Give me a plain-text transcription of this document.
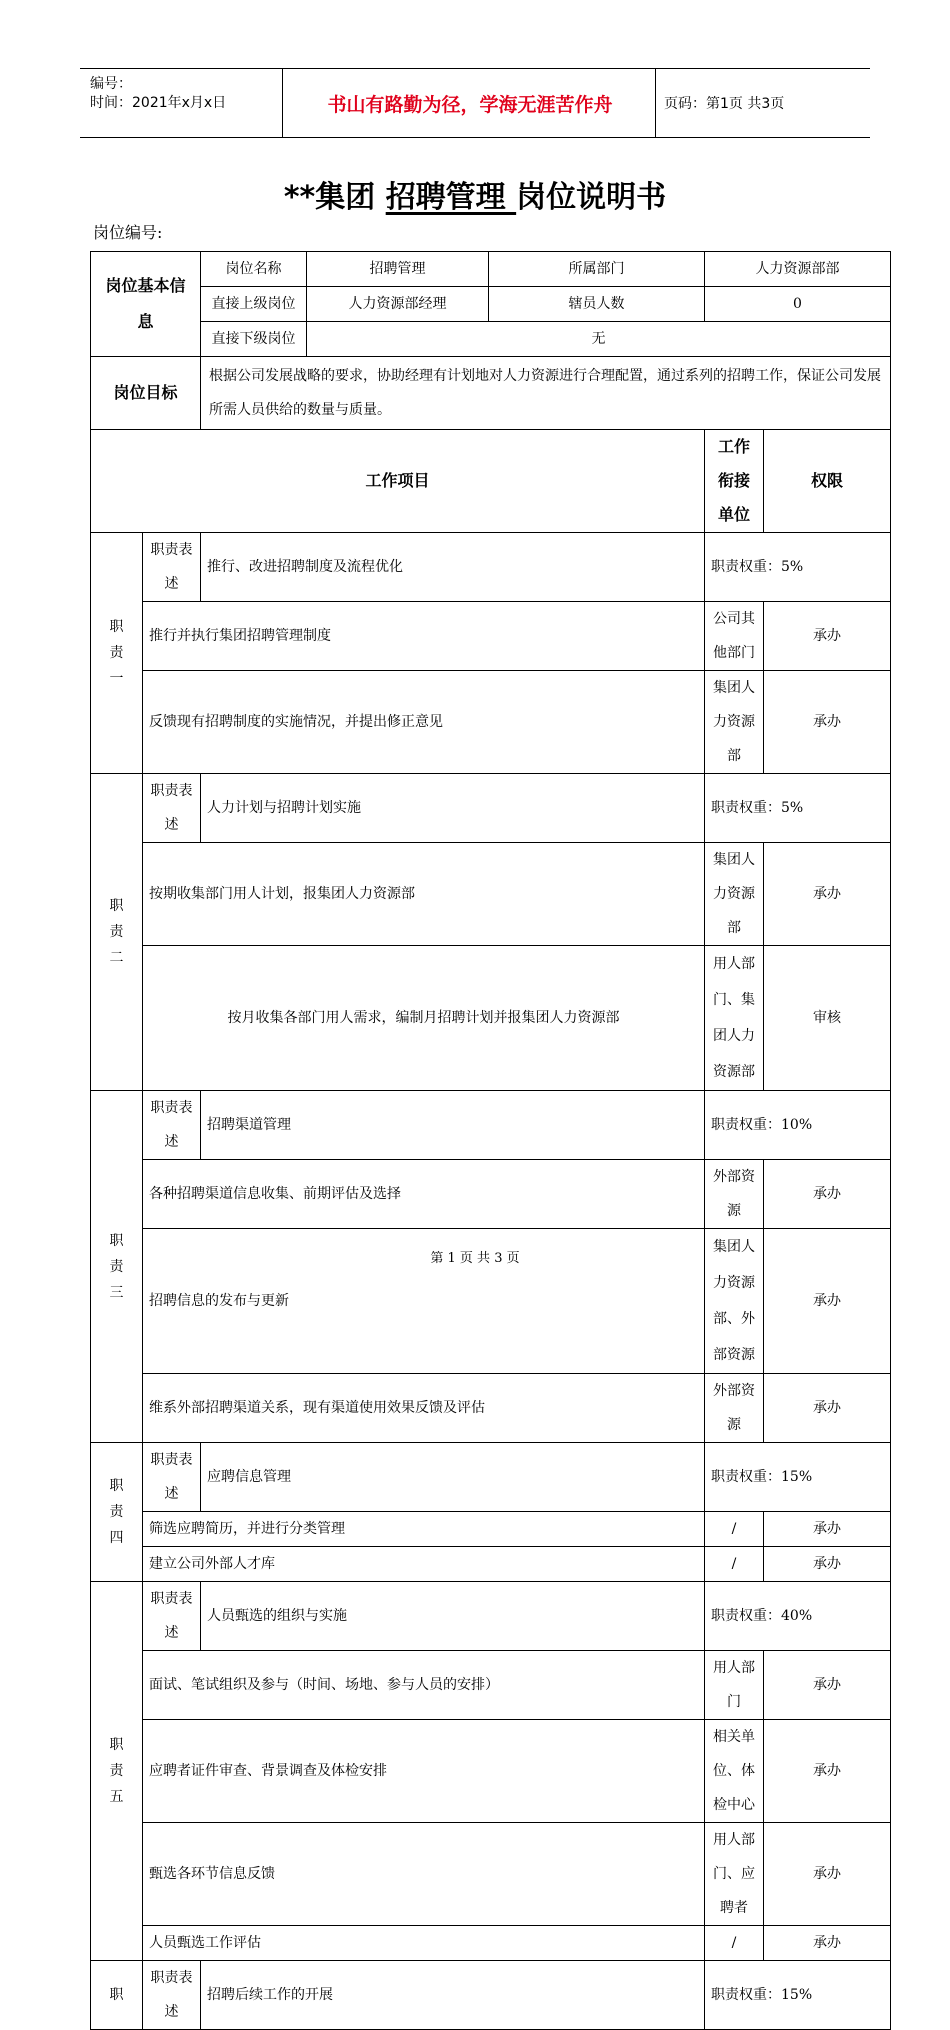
编号：
时间：2021年x月x日	书山有路勤为径，学海无涯苦作舟	页码：第1页 共3页
**集团 招聘管理 岗位说明书
岗位编号:
岗位基本信息		岗位名称	招聘管理	所属部门	人力资源部部	
		直接上级岗位	人力资源部经理	辖员人数	0	
		直接下级岗位	无			
岗位目标		根据公司发展战略的要求，协助经理有计划地对人力资源进行合理配置，通过系列的招聘工作，保证公司发展所需人员供给的数量与质量。				
工作项目					工作衔接单位	权限
职责一	职责表述	推行、改进招聘制度及流程优化			职责权重：5%	
	推行并执行集团招聘管理制度				公司其他部门	承办
	反馈现有招聘制度的实施情况，并提出修正意见				集团人力资源部	承办
职责二	职责表述	人力计划与招聘计划实施			职责权重：5%	
	按期收集部门用人计划，报集团人力资源部				集团人力资源部	承办
	按月收集各部门用人需求，编制月招聘计划并报集团人力资源部				用人部门、集团人力资源部	审核
职责三	职责表述	招聘渠道管理			职责权重：10%	
	各种招聘渠道信息收集、前期评估及选择				外部资源	承办
	招聘信息的发布与更新				集团人力资源部、外部资源	承办
	维系外部招聘渠道关系，现有渠道使用效果反馈及评估				外部资源	承办
职责四	职责表述	应聘信息管理			职责权重：15%	
	筛选应聘简历，并进行分类管理				/	承办
	建立公司外部人才库				/	承办
职责五	职责表述	人员甄选的组织与实施			职责权重：40%	
	面试、笔试组织及参与（时间、场地、参与人员的安排）				用人部门	承办
	应聘者证件审查、背景调查及体检安排				相关单位、体检中心	承办
	甄选各环节信息反馈				用人部门、应聘者	承办
	人员甄选工作评估				/	承办
职	职责表述	招聘后续工作的开展			职责权重：15%	
第 1 页 共 3 页
